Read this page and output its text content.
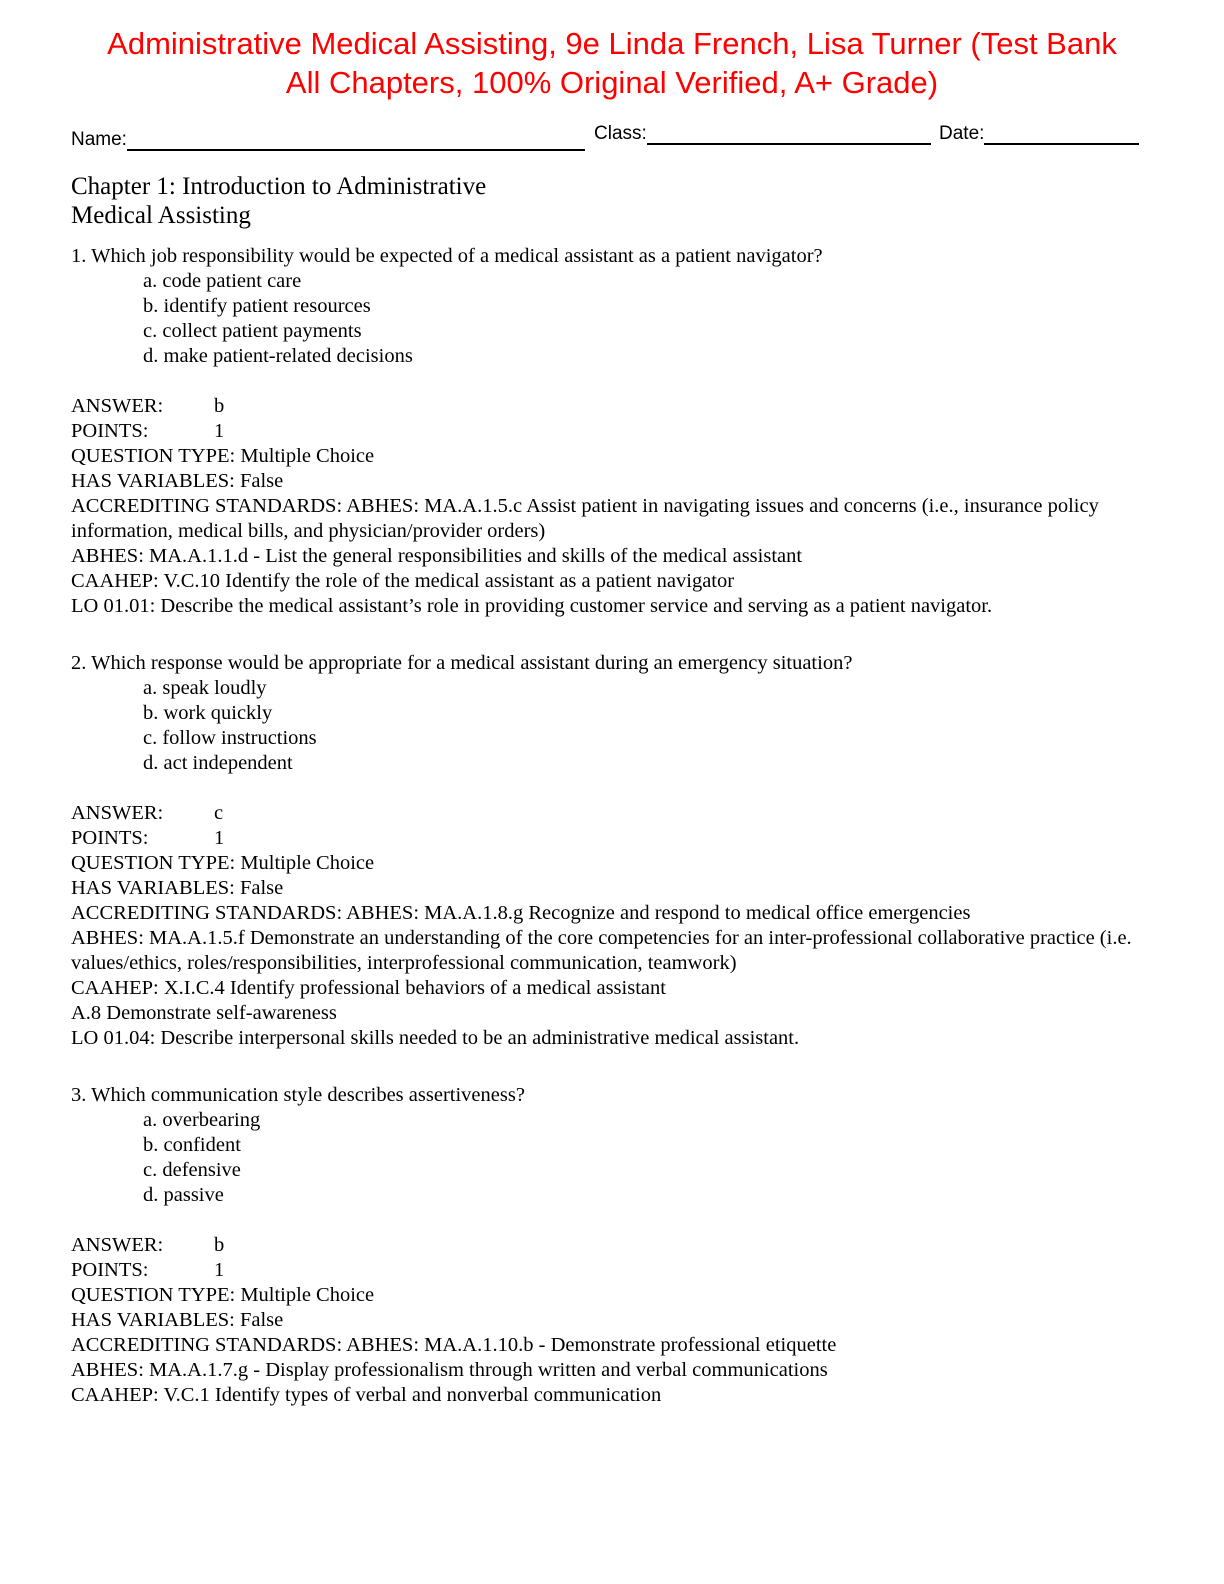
Administrative Medical Assisting, 9e Linda French, Lisa Turner (Test Bank
All Chapters, 100% Original Verified, A+ Grade)
Name:	Class:	Date:
Chapter 1: Introduction to Administrative
Medical Assisting
1. Which job responsibility would be expected of a medical assistant as a patient navigator?
a. code patient care
b. identify patient resources
c. collect patient payments
d. make patient-related decisions
ANSWER: b
POINTS:	1
QUESTION TYPE: Multiple Choice
HAS VARIABLES: False
ACCREDITING STANDARDS: ABHES: MA.A.1.5.c Assist patient in navigating issues and concerns (i.e., insurance policy information, medical bills, and physician/provider orders)
ABHES: MA.A.1.1.d - List the general responsibilities and skills of the medical assistant
CAAHEP: V.C.10 Identify the role of the medical assistant as a patient navigator
LO 01.01: Describe the medical assistant’s role in providing customer service and serving as a patient navigator.
2. Which response would be appropriate for a medical assistant during an emergency situation?
a. speak loudly
b. work quickly
c. follow instructions
d. act independent
ANSWER: c
POINTS:	1
QUESTION TYPE: Multiple Choice
HAS VARIABLES: False
ACCREDITING STANDARDS: ABHES: MA.A.1.8.g Recognize and respond to medical office emergencies
ABHES: MA.A.1.5.f Demonstrate an understanding of the core competencies for an inter-professional collaborative practice (i.e. values/ethics, roles/responsibilities, interprofessional communication, teamwork)
CAAHEP: X.I.C.4 Identify professional behaviors of a medical assistant
A.8 Demonstrate self-awareness
LO 01.04: Describe interpersonal skills needed to be an administrative medical assistant.
3. Which communication style describes assertiveness?
a. overbearing
b. confident
c. defensive
d. passive
ANSWER: b
POINTS:	1
QUESTION TYPE: Multiple Choice
HAS VARIABLES: False
ACCREDITING STANDARDS: ABHES: MA.A.1.10.b - Demonstrate professional etiquette
ABHES: MA.A.1.7.g - Display professionalism through written and verbal communications
CAAHEP: V.C.1 Identify types of verbal and nonverbal communication
